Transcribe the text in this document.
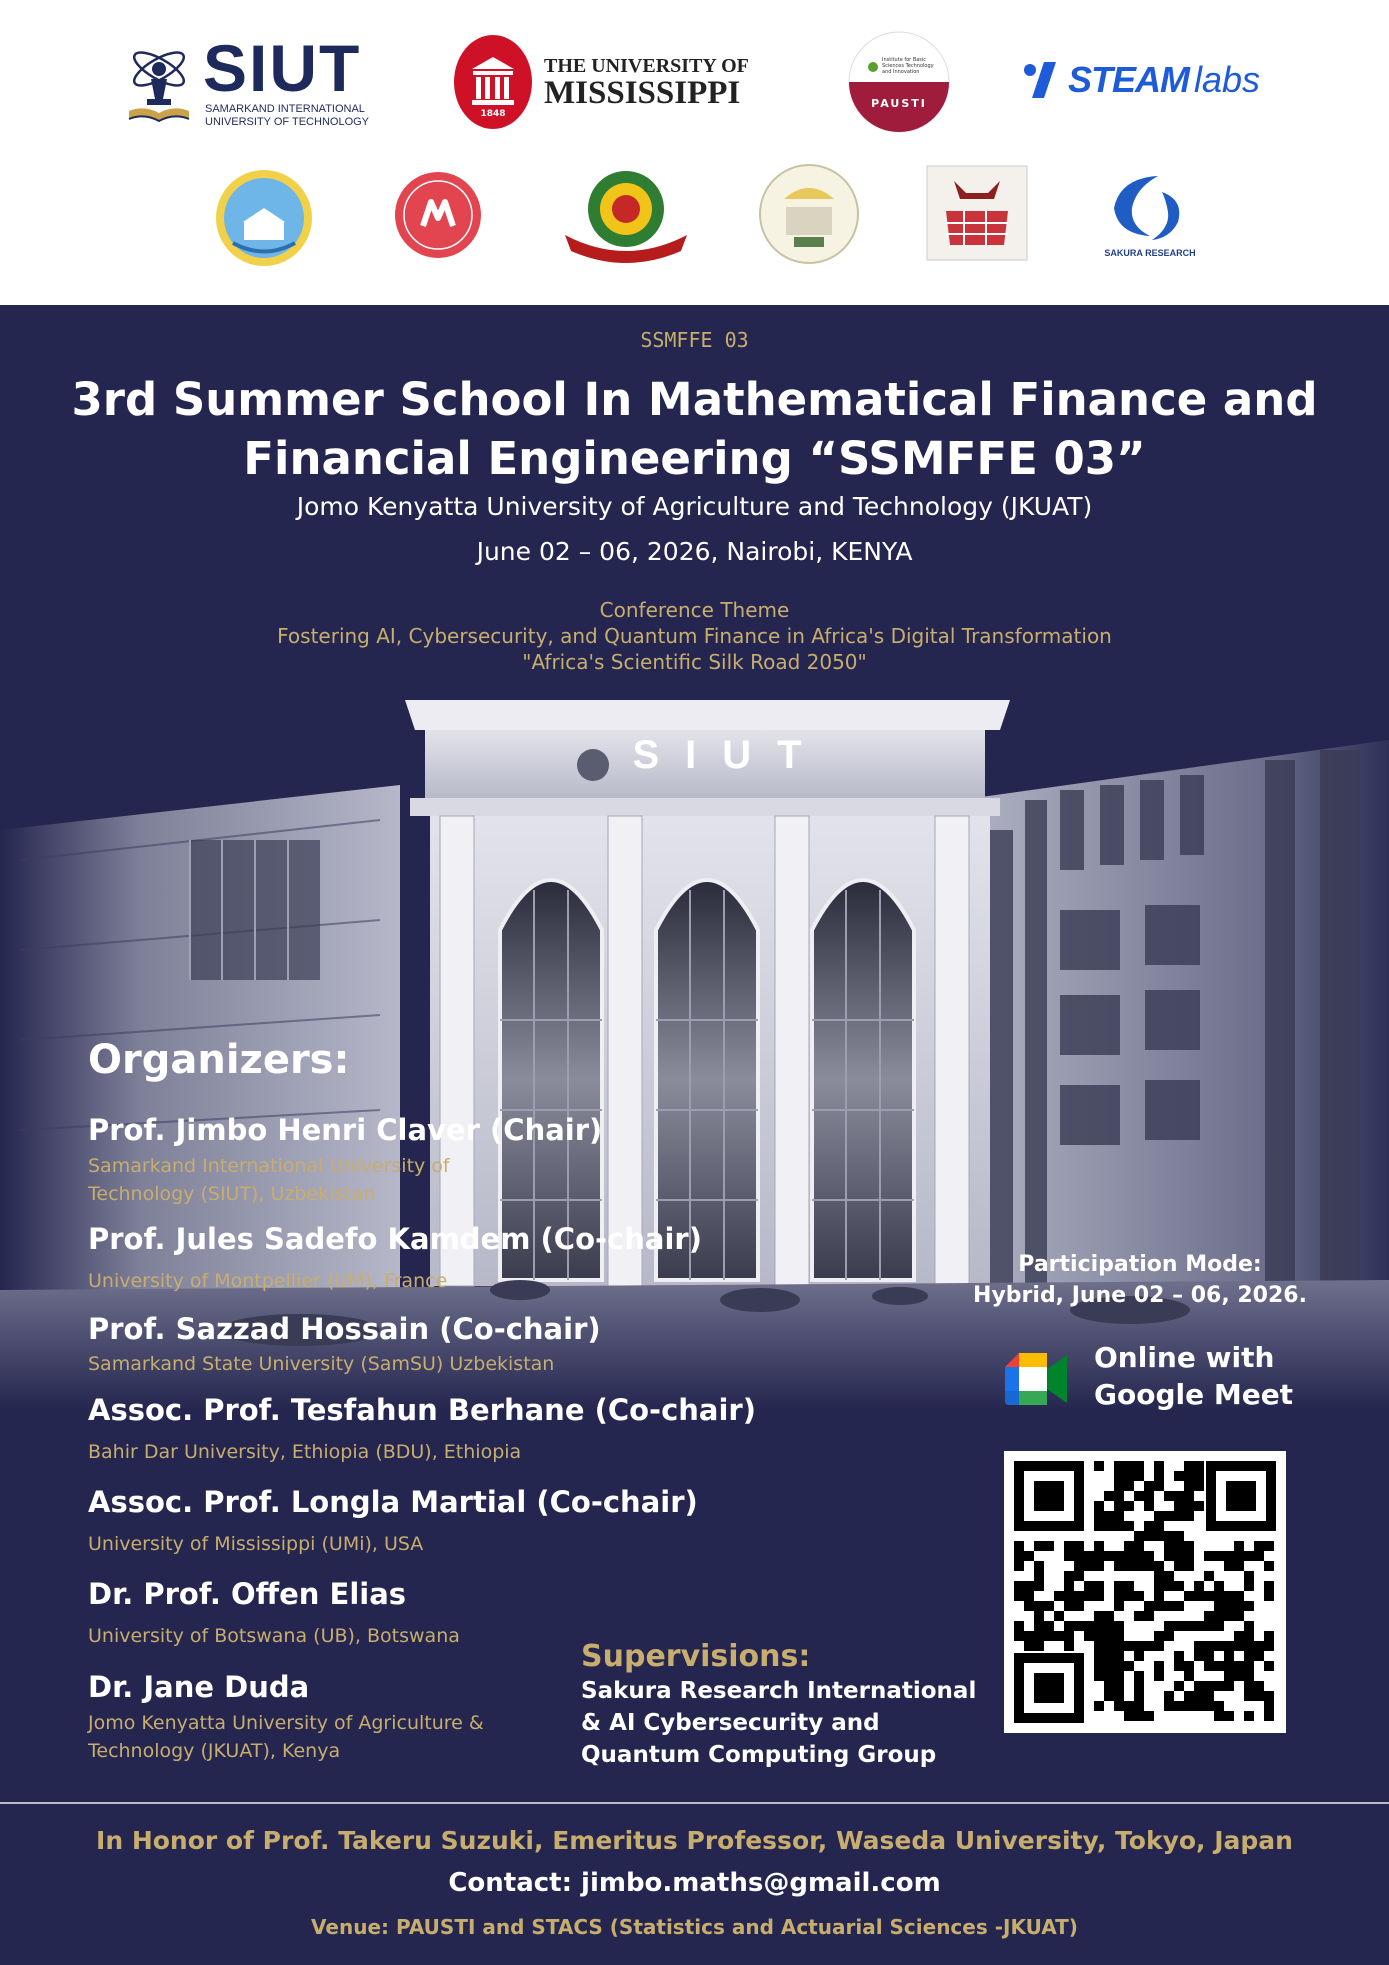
SIUT
SAMARKAND INTERNATIONAL
UNIVERSITY OF TECHNOLOGY
1848
THE UNIVERSITY OF
MISSISSIPPI
Institute for Basic Sciences Technology and Innovation
PAUSTI
STEAM labs
SAKURA RESEARCH
SIUT
SSMFFE 03
3rd Summer School In Mathematical Finance and
Financial Engineering “SSMFFE 03”
Jomo Kenyatta University of Agriculture and Technology (JKUAT)
June 02 – 06, 2026, Nairobi, KENYA
Conference Theme
Fostering AI, Cybersecurity, and Quantum Finance in Africa's Digital Transformation
"Africa's Scientific Silk Road 2050"
Organizers:
Prof. Jimbo Henri Claver (Chair)
Samarkand International University of
Technology (SIUT), Uzbekistan
Prof. Jules Sadefo Kamdem (Co-chair)
University of Montpellier (UM), France
Prof. Sazzad Hossain (Co-chair)
Samarkand State University (SamSU) Uzbekistan
Assoc. Prof. Tesfahun Berhane (Co-chair)
Bahir Dar University, Ethiopia (BDU), Ethiopia
Assoc. Prof. Longla Martial (Co-chair)
University of Mississippi (UMi), USA
Dr. Prof. Offen Elias
University of Botswana (UB), Botswana
Dr. Jane Duda
Jomo Kenyatta University of Agriculture &
Technology (JKUAT), Kenya
Supervisions:
Sakura Research International
& AI Cybersecurity and
Quantum Computing Group
Participation Mode:
Hybrid, June 02 – 06, 2026.
Online with
Google Meet
In Honor of Prof. Takeru Suzuki, Emeritus Professor, Waseda University, Tokyo, Japan
Contact: jimbo.maths@gmail.com
Venue: PAUSTI and STACS (Statistics and Actuarial Sciences -JKUAT)
